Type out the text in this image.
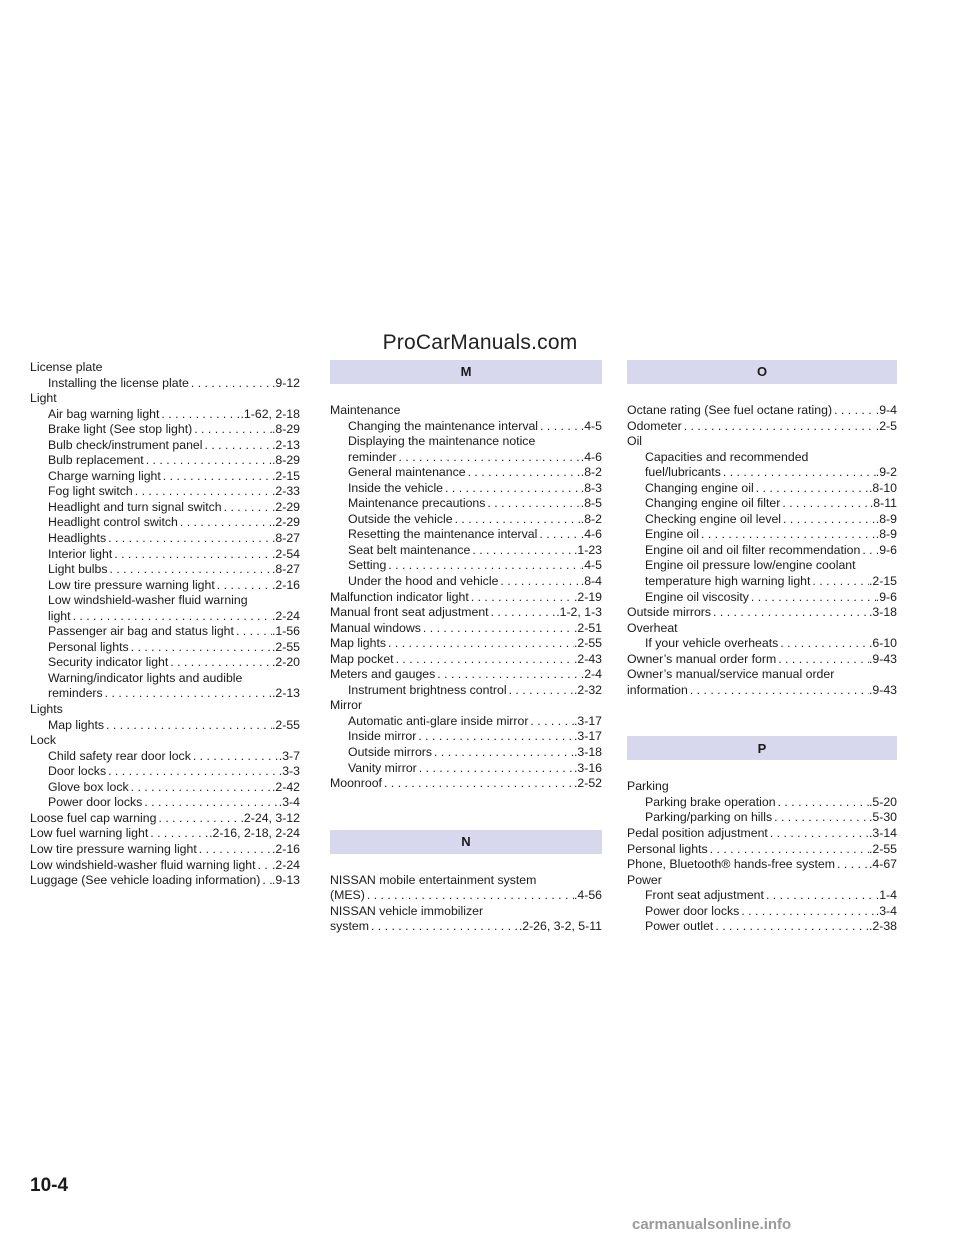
ProCarManuals.com
License plate
Installing the license plate . . .	.9-12
Light
Air bag warning light . . .	.1-62, 2-18
Brake light (See stop light) . . .	.8-29
Bulb check/instrument panel . . .	.2-13
Bulb replacement . . .	.8-29
Charge warning light . . .	.2-15
Fog light switch . . .	.2-33
Headlight and turn signal switch . . .	.2-29
Headlight control switch . . .	.2-29
Headlights . . .	.8-27
Interior light . . .	.2-54
Light bulbs . . .	.8-27
Low tire pressure warning light . . .	.2-16
Low windshield-washer fluid warning
light . . .	.2-24
Passenger air bag and status light . . .	.1-56
Personal lights . . .	.2-55
Security indicator light . . .	.2-20
Warning/indicator lights and audible
reminders . . .	.2-13
Lights
Map lights . . .	.2-55
Lock
Child safety rear door lock . . .	.3-7
Door locks . . .	.3-3
Glove box lock . . .	.2-42
Power door locks . . .	.3-4
Loose fuel cap warning . . .	.2-24, 3-12
Low fuel warning light . . .	.2-16, 2-18, 2-24
Low tire pressure warning light . . .	.2-16
Low windshield-washer fluid warning light . . . .2-24
Luggage (See vehicle loading information) . . . .9-13
M
Maintenance
Changing the maintenance interval . . .	.4-5
Displaying the maintenance notice
reminder . . .	.4-6
General maintenance . . .	.8-2
Inside the vehicle . . .	.8-3
Maintenance precautions . . .	.8-5
Outside the vehicle . . .	.8-2
Resetting the maintenance interval . . .	.4-6
Seat belt maintenance . . .	.1-23
Setting . . .	.4-5
Under the hood and vehicle . . .	.8-4
Malfunction indicator light . . .	.2-19
Manual front seat adjustment . . .	.1-2, 1-3
Manual windows . . .	.2-51
Map lights . . .	.2-55
Map pocket . . .	.2-43
Meters and gauges . . .	.2-4
Instrument brightness control . . .	.2-32
Mirror
Automatic anti-glare inside mirror . . .	.3-17
Inside mirror . . .	.3-17
Outside mirrors . . .	.3-18
Vanity mirror . . .	.3-16
Moonroof . . .	.2-52
N
NISSAN mobile entertainment system
(MES) . . .	.4-56
NISSAN vehicle immobilizer
system . . .	.2-26, 3-2, 5-11
O
Octane rating (See fuel octane rating) . . .	.9-4
Odometer . . .	.2-5
Oil
Capacities and recommended
fuel/lubricants . . .	.9-2
Changing engine oil . . .	.8-10
Changing engine oil filter . . .	.8-11
Checking engine oil level . . .	.8-9
Engine oil . . .	.8-9
Engine oil and oil filter recommendation . . . .9-6
Engine oil pressure low/engine coolant
temperature high warning light . . .	.2-15
Engine oil viscosity . . .	.9-6
Outside mirrors . . .	.3-18
Overheat
If your vehicle overheats . . .	.6-10
Owner’s manual order form . . .	.9-43
Owner’s manual/service manual order
information . . .	.9-43
P
Parking
Parking brake operation . . .	.5-20
Parking/parking on hills . . .	.5-30
Pedal position adjustment . . .	.3-14
Personal lights . . .	.2-55
Phone, Bluetooth® hands-free system . . .	.4-67
Power
Front seat adjustment . . .	.1-4
Power door locks . . .	.3-4
Power outlet . . .	.2-38
10-4
carmanualsonline.info
